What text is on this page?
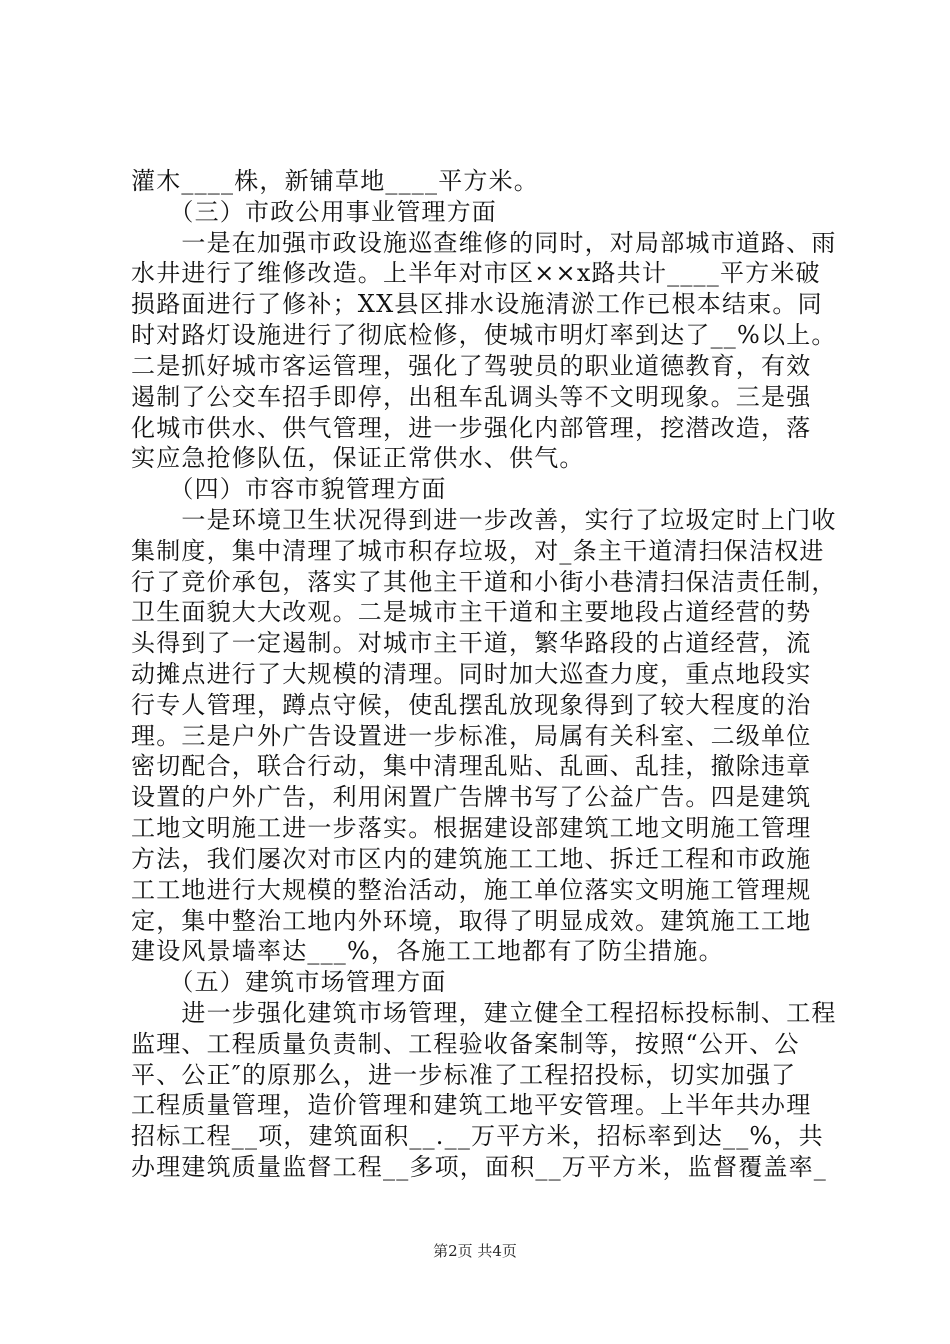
灌木____株，新铺草地____平方米。
　　（三）市政公用事业管理方面
　　一是在加强市政设施巡查维修的同时，对局部城市道路、雨
水井进行了维修改造。上半年对市区××x路共计____平方米破
损路面进行了修补；XX县区排水设施清淤工作已根本结束。同
时对路灯设施进行了彻底检修，使城市明灯率到达了__%以上。
二是抓好城市客运管理，强化了驾驶员的职业道德教育，有效
遏制了公交车招手即停，出租车乱调头等不文明现象。三是强
化城市供水、供气管理，进一步强化内部管理，挖潜改造，落
实应急抢修队伍，保证正常供水、供气。
　　（四）市容市貌管理方面
　　一是环境卫生状况得到进一步改善，实行了垃圾定时上门收
集制度，集中清理了城市积存垃圾，对_条主干道清扫保洁权进
行了竞价承包，落实了其他主干道和小街小巷清扫保洁责任制，
卫生面貌大大改观。二是城市主干道和主要地段占道经营的势
头得到了一定遏制。对城市主干道，繁华路段的占道经营，流
动摊点进行了大规模的清理。同时加大巡查力度，重点地段实
行专人管理，蹲点守候，使乱摆乱放现象得到了较大程度的治
理。三是户外广告设置进一步标准，局属有关科室、二级单位
密切配合，联合行动，集中清理乱贴、乱画、乱挂，撤除违章
设置的户外广告，利用闲置广告牌书写了公益广告。四是建筑
工地文明施工进一步落实。根据建设部建筑工地文明施工管理
方法，我们屡次对市区内的建筑施工工地、拆迁工程和市政施
工工地进行大规模的整治活动，施工单位落实文明施工管理规
定，集中整治工地内外环境，取得了明显成效。建筑施工工地
建设风景墙率达___%，各施工工地都有了防尘措施。
　　（五）建筑市场管理方面
　　进一步强化建筑市场管理，建立健全工程招标投标制、工程
监理、工程质量负责制、工程验收备案制等，按照“公开、公
平、公正″的原那么，进一步标准了工程招投标，切实加强了
工程质量管理，造价管理和建筑工地平安管理。上半年共办理
招标工程__项，建筑面积__.__万平方米，招标率到达__%，共
办理建筑质量监督工程__多项，面积__万平方米，监督覆盖率_
第2页 共4页
